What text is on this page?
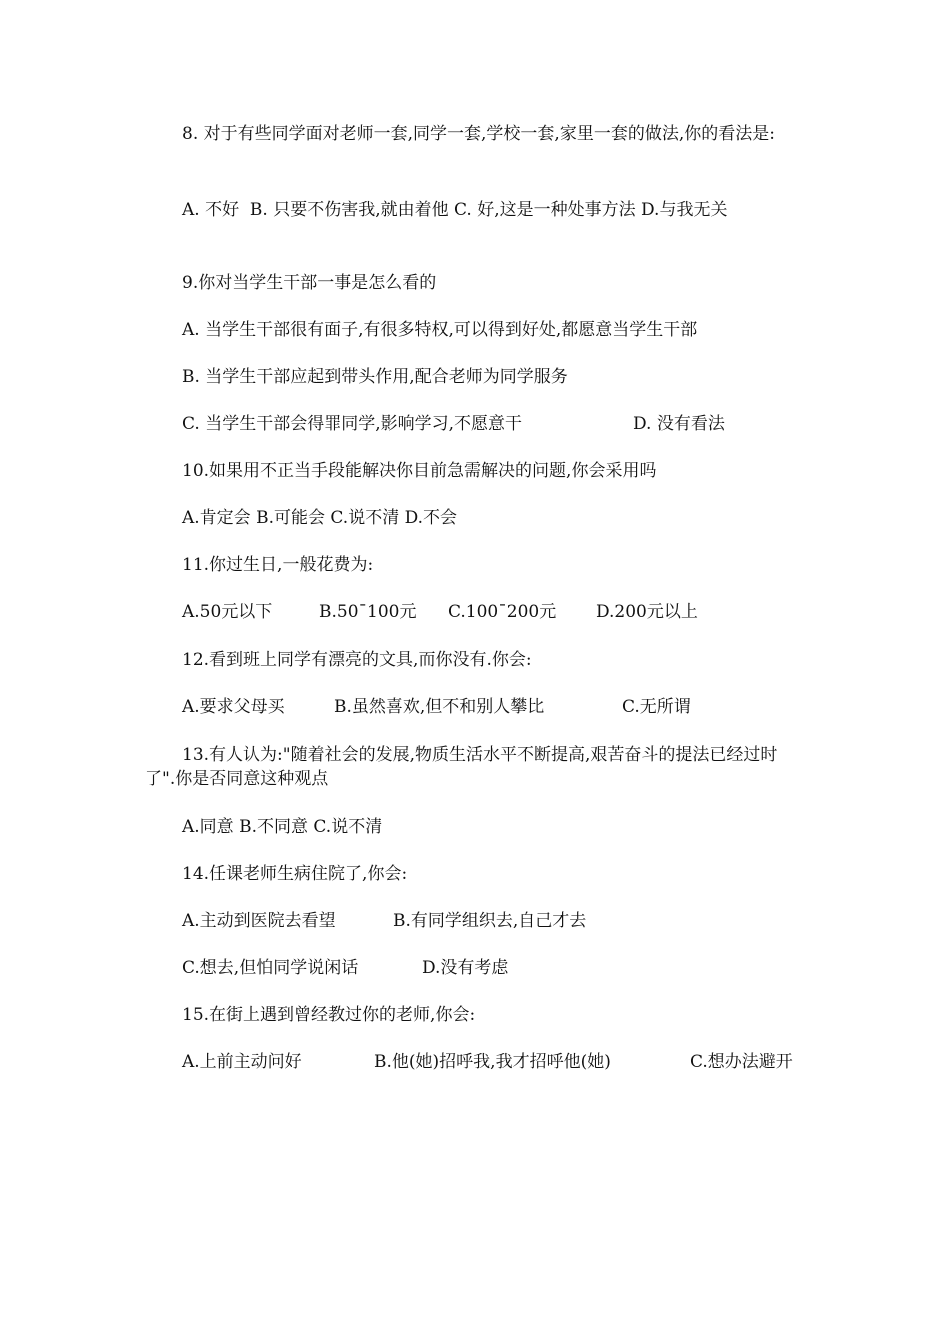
8. 对于有些同学面对老师一套,同学一套,学校一套,家里一套的做法,你的看法是:

A. 不好  B. 只要不伤害我,就由着他 C. 好,这是一种处事方法 D.与我无关

9.你对当学生干部一事是怎么看的

A. 当学生干部很有面子,有很多特权,可以得到好处,都愿意当学生干部

B. 当学生干部应起到带头作用,配合老师为同学服务

C. 当学生干部会得罪同学,影响学习,不愿意干	D. 没有看法

10.如果用不正当手段能解决你目前急需解决的问题,你会采用吗

A.肯定会 B.可能会 C.说不清 D.不会

11.你过生日,一般花费为:

A.50元以下	B.50¯100元 C.100¯200元 D.200元以上

12.看到班上同学有漂亮的文具,而你没有.你会:

A.要求父母买	B.虽然喜欢,但不和别人攀比	C.无所谓

13.有人认为:"随着社会的发展,物质生活水平不断提高,艰苦奋斗的提法已经过时了".你是否同意这种观点

A.同意 B.不同意 C.说不清

14.任课老师生病住院了,你会:

A.主动到医院去看望	B.有同学组织去,自己才去

C.想去,但怕同学说闲话	D.没有考虑

15.在街上遇到曾经教过你的老师,你会:

A.上前主动问好	B.他(她)招呼我,我才招呼他(她)	C.想办法避开
